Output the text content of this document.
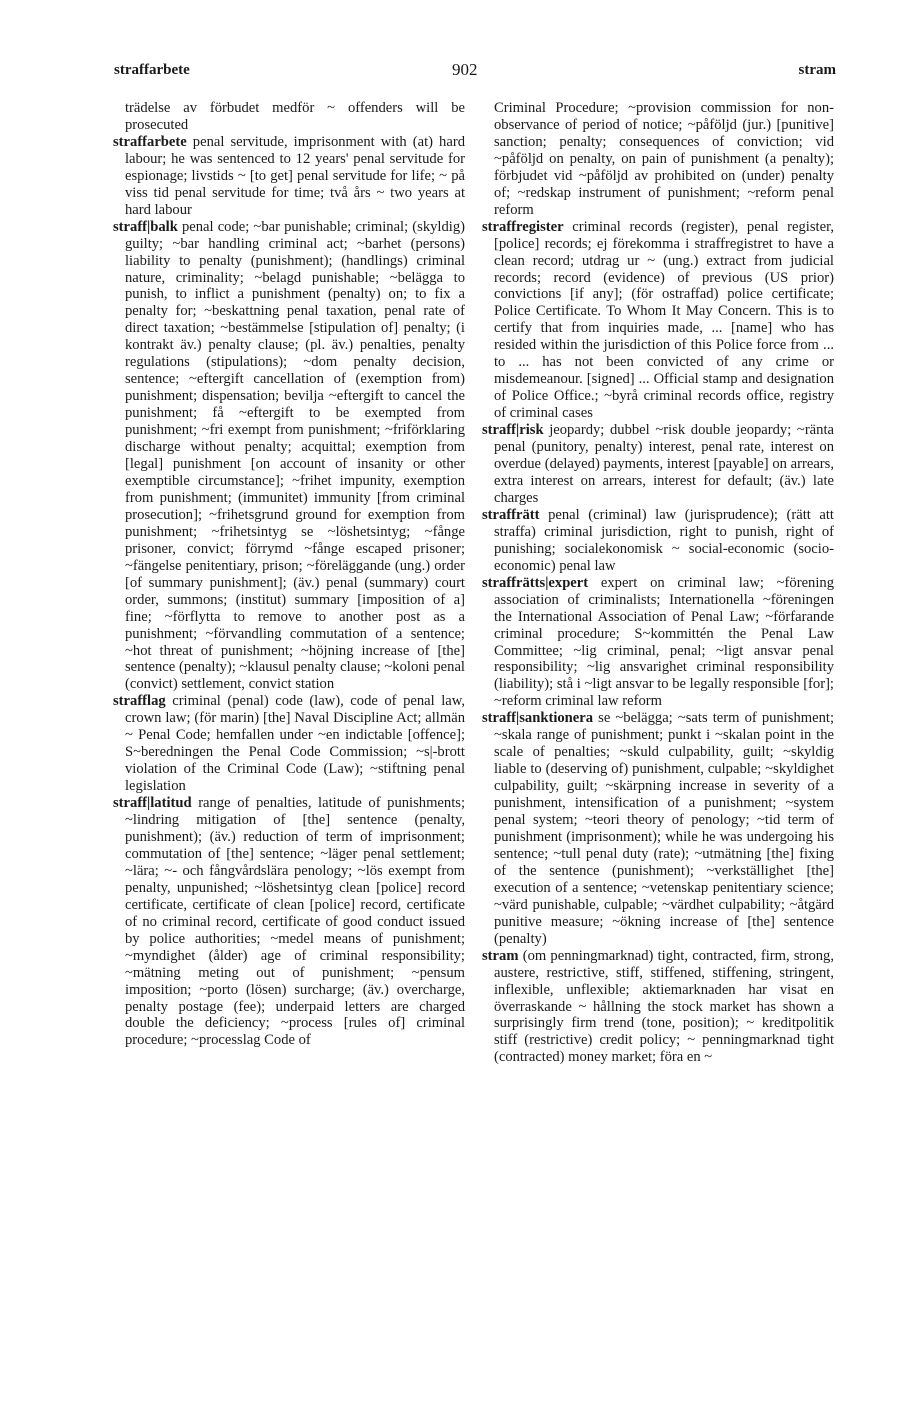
straffarbete	902	stram

trädelse av förbudet medför ~ offenders will be prosecuted

straffarbete penal servitude, imprisonment with (at) hard labour; he was sentenced to 12 years' penal servitude for espionage; livstids ~ [to get] penal servitude for life; ~ på viss tid penal servitude for time; två års ~ two years at hard labour

straff|balk penal code; ~bar punishable; criminal; (skyldig) guilty; ~bar handling criminal act; ~barhet (persons) liability to penalty (punishment); (handlings) criminal nature, criminality; ~belagd punishable; ~belägga to punish, to inflict a punishment (penalty) on; to fix a penalty for; ~beskattning penal taxation, penal rate of direct taxation; ~bestämmelse [stipulation of] penalty; (i kontrakt äv.) penalty clause; (pl. äv.) penalties, penalty regulations (stipulations); ~dom penalty decision, sentence; ~eftergift cancellation of (exemption from) punishment; dispensation; bevilja ~eftergift to cancel the punishment; få ~eftergift to be exempted from punishment; ~fri exempt from punishment; ~friförklaring discharge without penalty; acquittal; exemption from [legal] punishment [on account of insanity or other exemptible circumstance]; ~frihet impunity, exemption from punishment; (immunitet) immunity [from criminal prosecution]; ~frihetsgrund ground for exemption from punishment; ~frihetsintyg se ~löshetsintyg; ~fånge prisoner, convict; förrymd ~fånge escaped prisoner; ~fängelse penitentiary, prison; ~föreläggande (ung.) order [of summary punishment]; (äv.) penal (summary) court order, summons; (institut) summary [imposition of a] fine; ~förflytta to remove to another post as a punishment; ~förvandling commutation of a sentence; ~hot threat of punishment; ~höjning increase of [the] sentence (penalty); ~klausul penalty clause; ~koloni penal (convict) settlement, convict station

strafflag criminal (penal) code (law), code of penal law, crown law; (för marin) [the] Naval Discipline Act; allmän ~ Penal Code; hemfallen under ~en indictable [offence]; S~beredningen the Penal Code Commission; ~s|-brott violation of the Criminal Code (Law); ~stiftning penal legislation

straff|latitud range of penalties, latitude of punishments; ~lindring mitigation of [the] sentence (penalty, punishment); (äv.) reduction of term of imprisonment; commutation of [the] sentence; ~läger penal settlement; ~lära; ~- och fångvårdslära penology; ~lös exempt from penalty, unpunished; ~löshetsintyg clean [police] record certificate, certificate of clean [police] record, certificate of no criminal record, certificate of good conduct issued by police authorities; ~medel means of punishment; ~myndighet (ålder) age of criminal responsibility; ~mätning meting out of punishment; ~pensum imposition; ~porto (lösen) surcharge; (äv.) overcharge, penalty postage (fee); underpaid letters are charged double the deficiency; ~process [rules of] criminal procedure; ~processlag Code of

Criminal Procedure; ~provision commission for non-observance of period of notice; ~påföljd (jur.) [punitive] sanction; penalty; consequences of conviction; vid ~påföljd on penalty, on pain of punishment (a penalty); förbjudet vid ~påföljd av prohibited on (under) penalty of; ~redskap instrument of punishment; ~reform penal reform

straffregister criminal records (register), penal register, [police] records; ej förekomma i straffregistret to have a clean record; utdrag ur ~ (ung.) extract from judicial records; record (evidence) of previous (US prior) convictions [if any]; (för ostraffad) police certificate; Police Certificate. To Whom It May Concern. This is to certify that from inquiries made, ... [name] who has resided within the jurisdiction of this Police force from ... to ... has not been convicted of any crime or misdemeanour. [signed] ... Official stamp and designation of Police Office.; ~byrå criminal records office, registry of criminal cases

straff|risk jeopardy; dubbel ~risk double jeopardy; ~ränta penal (punitory, penalty) interest, penal rate, interest on overdue (delayed) payments, interest [payable] on arrears, extra interest on arrears, interest for default; (äv.) late charges

straffrätt penal (criminal) law (jurisprudence); (rätt att straffa) criminal jurisdiction, right to punish, right of punishing; socialekonomisk ~ social-economic (socio-economic) penal law

straffrätts|expert expert on criminal law; ~förening association of criminalists; Internationella ~föreningen the International Association of Penal Law; ~förfarande criminal procedure; S~kommittén the Penal Law Committee; ~lig criminal, penal; ~ligt ansvar penal responsibility; ~lig ansvarighet criminal responsibility (liability); stå i ~ligt ansvar to be legally responsible [for]; ~reform criminal law reform

straff|sanktionera se ~belägga; ~sats term of punishment; ~skala range of punishment; punkt i ~skalan point in the scale of penalties; ~skuld culpability, guilt; ~skyldig liable to (deserving of) punishment, culpable; ~skyldighet culpability, guilt; ~skärpning increase in severity of a punishment, intensification of a punishment; ~system penal system; ~teori theory of penology; ~tid term of punishment (imprisonment); while he was undergoing his sentence; ~tull penal duty (rate); ~utmätning [the] fixing of the sentence (punishment); ~verkställighet [the] execution of a sentence; ~vetenskap penitentiary science; ~värd punishable, culpable; ~värdhet culpability; ~åtgärd punitive measure; ~ökning increase of [the] sentence (penalty)

stram (om penningmarknad) tight, contracted, firm, strong, austere, restrictive, stiff, stiffened, stiffening, stringent, inflexible, unflexible; aktiemarknaden har visat en överraskande ~ hållning the stock market has shown a surprisingly firm trend (tone, position); ~ kreditpolitik stiff (restrictive) credit policy; ~ penningmarknad tight (contracted) money market; föra en ~
